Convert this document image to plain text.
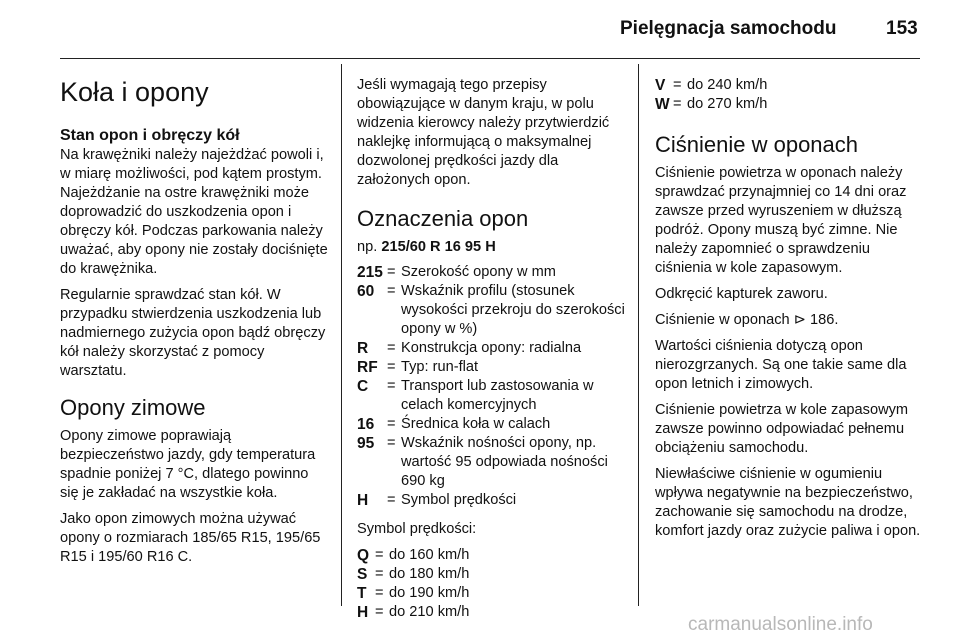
Pielęgnacja samochodu	153
Koła i opony
Stan opon i obręczy kół

Na krawężniki należy najeżdżać powoli i, w miarę możliwości, pod kątem prostym. Najeżdżanie na ostre krawężniki może doprowadzić do uszkodzenia opon i obręczy kół. Podczas parkowania należy uważać, aby opony nie zostały dociśnięte do krawężnika.

Regularnie sprawdzać stan kół. W przypadku stwierdzenia uszkodzenia lub nadmiernego zużycia opon bądź obręczy kół należy skorzystać z pomocy warsztatu.

Opony zimowe

Opony zimowe poprawiają bezpieczeństwo jazdy, gdy temperatura spadnie poniżej 7 °C, dlatego powinno się je zakładać na wszystkie koła.

Jako opon zimowych można używać opony o rozmiarach 185/65 R15, 195/65 R15 i 195/60 R16 C.

Jeśli wymagają tego przepisy obowiązujące w danym kraju, w polu widzenia kierowcy należy przytwierdzić naklejkę informującą o maksymalnej dozwolonej prędkości jazdy dla założonych opon.

Oznaczenia opon

np. 215/60 R 16 95 H

215 = Szerokość opony w mm
60 = Wskaźnik profilu (stosunek wysokości przekroju do szerokości opony w %)
R	= Konstrukcja opony: radialna
RF = Typ: run-flat
C	= Transport lub zastosowania w celach komercyjnych
16 = Średnica koła w calach
95 = Wskaźnik nośności opony, np. wartość 95 odpowiada nośności 690 kg
H	= Symbol prędkości

Symbol prędkości:

Q = do 160 km/h
S = do 180 km/h
T = do 190 km/h
H = do 210 km/h
V = do 240 km/h
W = do 270 km/h
Ciśnienie w oponach

Ciśnienie powietrza w oponach należy sprawdzać przynajmniej co 14 dni oraz zawsze przed wyruszeniem w dłuższą podróż. Opony muszą być zimne. Nie należy zapomnieć o sprawdzeniu ciśnienia w kole zapasowym.

Odkręcić kapturek zaworu.

Ciśnienie w oponach ⊳ 186.

Wartości ciśnienia dotyczą opon nierozgrzanych. Są one takie same dla opon letnich i zimowych.

Ciśnienie powietrza w kole zapasowym zawsze powinno odpowiadać pełnemu obciążeniu samochodu.

Niewłaściwe ciśnienie w ogumieniu wpływa negatywnie na bezpieczeństwo, zachowanie się samochodu na drodze, komfort jazdy oraz zużycie paliwa i opon.

carmanualsonline.info
